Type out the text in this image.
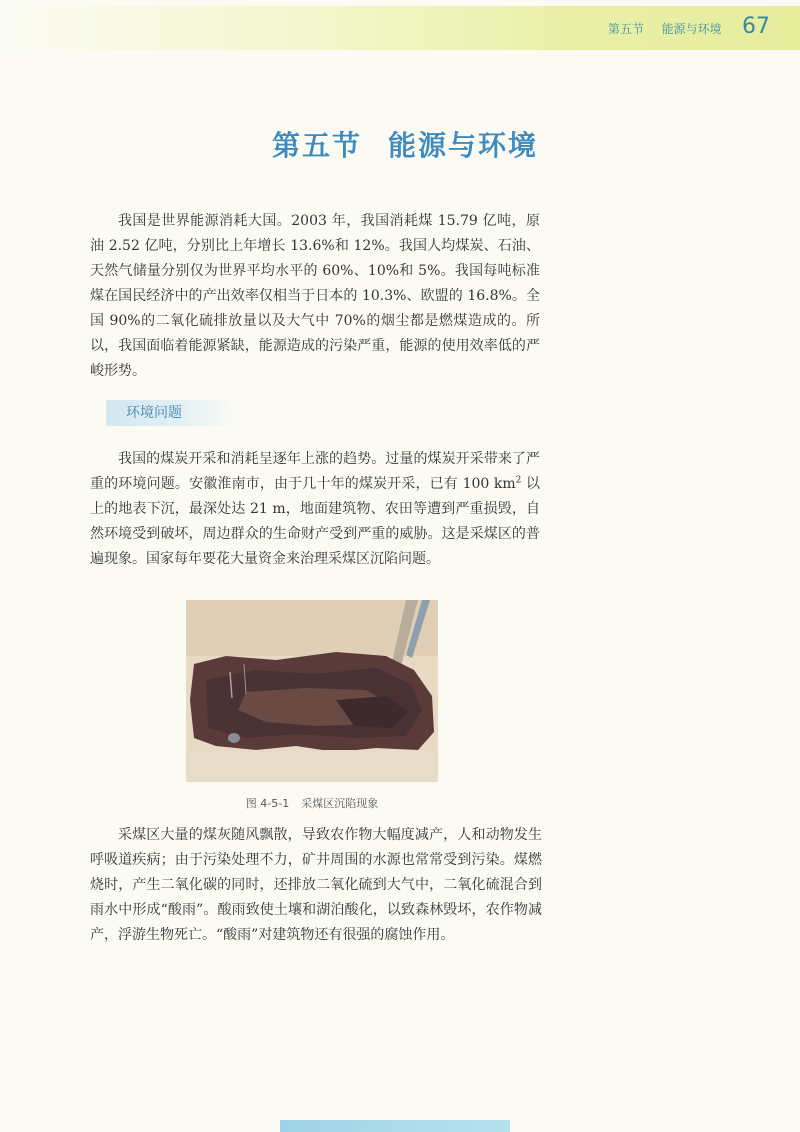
第五节 能源与环境 67
第五节 能源与环境

我国是世界能源消耗大国。2003 年，我国消耗煤 15.79 亿吨，原油 2.52 亿吨，分别比上年增长 13.6%和 12%。我国人均煤炭、石油、天然气储量分别仅为世界平均水平的 60%、10%和 5%。我国每吨标准煤在国民经济中的产出效率仅相当于日本的 10.3%、欧盟的 16.8%。全国 90%的二氧化硫排放量以及大气中 70%的烟尘都是燃煤造成的。所以，我国面临着能源紧缺，能源造成的污染严重，能源的使用效率低的严峻形势。

环境问题

我国的煤炭开采和消耗呈逐年上涨的趋势。过量的煤炭开采带来了严重的环境问题。安徽淮南市，由于几十年的煤炭开采，已有 100 $km^2$ 以上的地表下沉，最深处达 21 m，地面建筑物、农田等遭到严重损毁，自然环境受到破坏，周边群众的生命财产受到严重的威胁。这是采煤区的普遍现象。国家每年要花大量资金来治理采煤区沉陷问题。

图 4-5-1 采煤区沉陷现象

采煤区大量的煤灰随风飘散，导致农作物大幅度减产，人和动物发生呼吸道疾病；由于污染处理不力，矿井周围的水源也常常受到污染。煤燃烧时，产生二氧化碳的同时，还排放二氧化硫到大气中，二氧化硫混合到雨水中形成“酸雨”。酸雨致使土壤和湖泊酸化，以致森林毁坏，农作物减产，浮游生物死亡。“酸雨”对建筑物还有很强的腐蚀作用。
